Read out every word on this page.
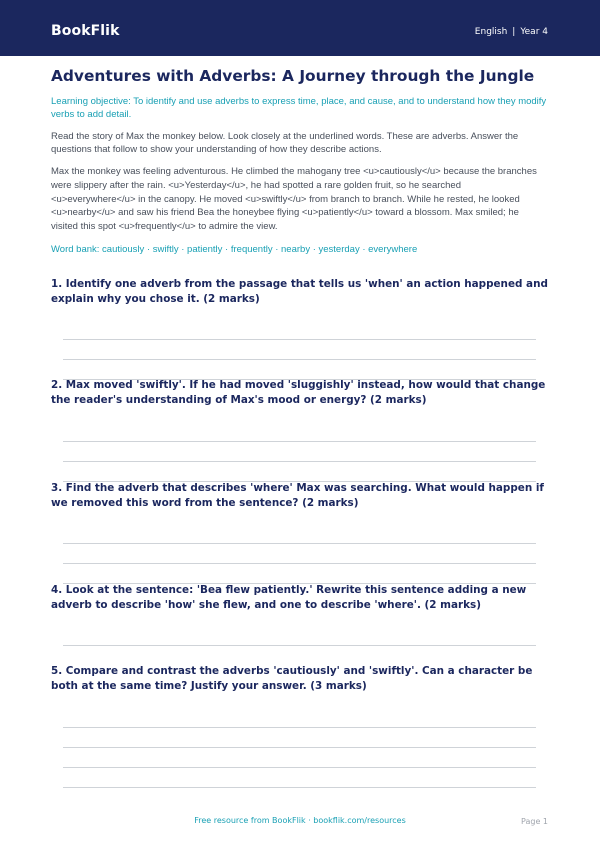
BookFlik	English | Year 4
Adventures with Adverbs: A Journey through the Jungle
Learning objective: To identify and use adverbs to express time, place, and cause, and to understand how they modify verbs to add detail.
Read the story of Max the monkey below. Look closely at the underlined words. These are adverbs. Answer the questions that follow to show your understanding of how they describe actions.
Max the monkey was feeling adventurous. He climbed the mahogany tree <u>cautiously</u> because the branches were slippery after the rain. <u>Yesterday</u>, he had spotted a rare golden fruit, so he searched <u>everywhere</u> in the canopy. He moved <u>swiftly</u> from branch to branch. While he rested, he looked <u>nearby</u> and saw his friend Bea the honeybee flying <u>patiently</u> toward a blossom. Max smiled; he visited this spot <u>frequently</u> to admire the view.
Word bank: cautiously · swiftly · patiently · frequently · nearby · yesterday · everywhere
1. Identify one adverb from the passage that tells us 'when' an action happened and explain why you chose it. (2 marks)
2. Max moved 'swiftly'. If he had moved 'sluggishly' instead, how would that change the reader's understanding of Max's mood or energy? (2 marks)
3. Find the adverb that describes 'where' Max was searching. What would happen if we removed this word from the sentence? (2 marks)
4. Look at the sentence: 'Bea flew patiently.' Rewrite this sentence adding a new adverb to describe 'how' she flew, and one to describe 'where'. (2 marks)
5. Compare and contrast the adverbs 'cautiously' and 'swiftly'. Can a character be both at the same time? Justify your answer. (3 marks)
Free resource from BookFlik · bookflik.com/resources	Page 1
